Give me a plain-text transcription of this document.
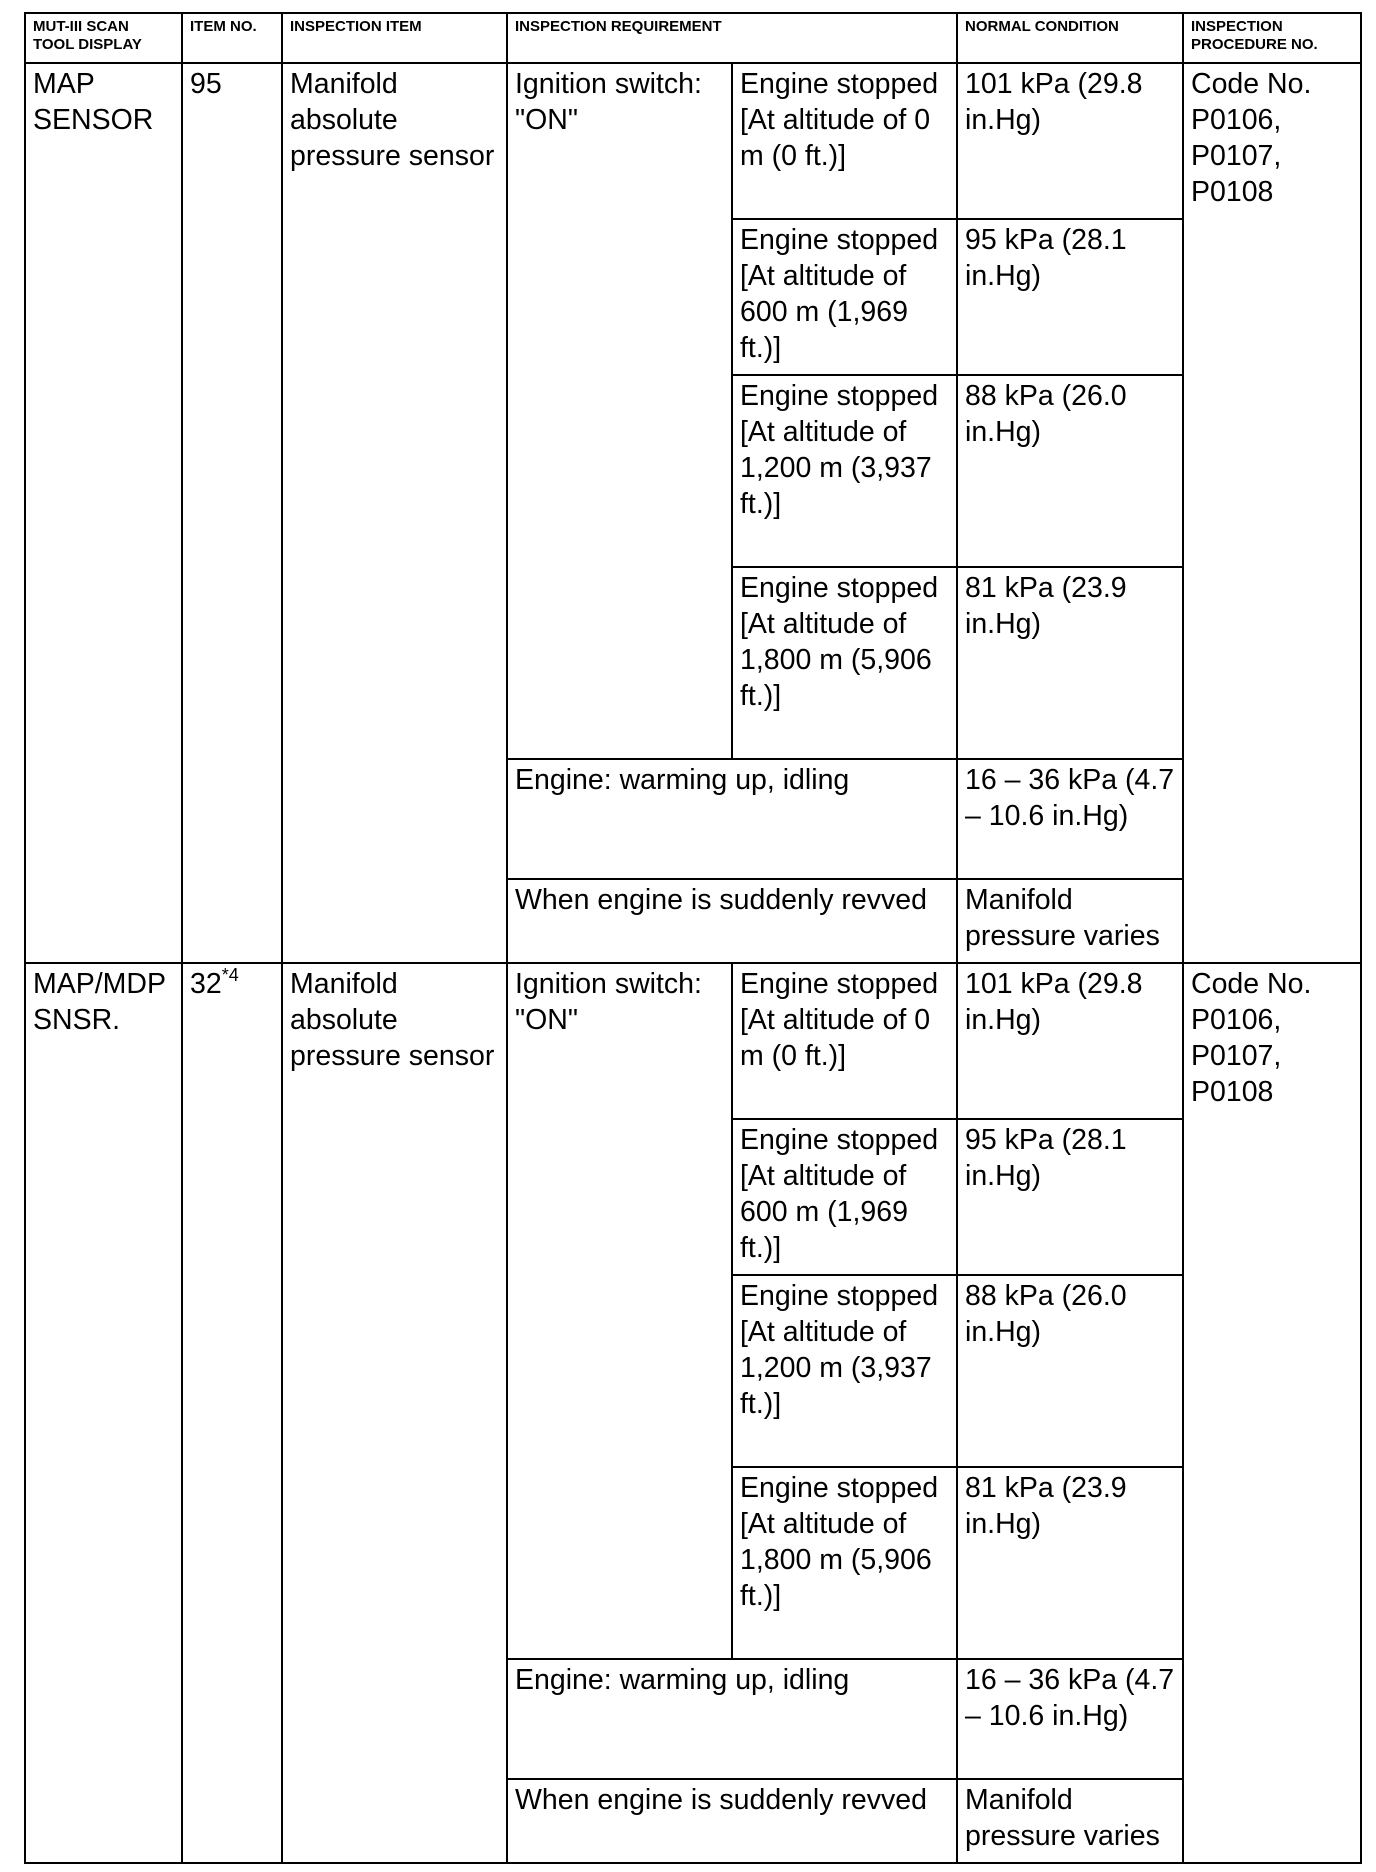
MUT-III SCAN TOOL DISPLAY	ITEM NO.	INSPECTION ITEM	INSPECTION REQUIREMENT		NORMAL CONDITION	INSPECTION PROCEDURE NO.
MAP SENSOR	95	Manifold absolute pressure sensor	Ignition switch: "ON"	Engine stopped [At altitude of 0 m (0 ft.)]	101 kPa (29.8 in.Hg)	Code No. P0106, P0107, P0108
				Engine stopped [At altitude of 600 m (1,969 ft.)]	95 kPa (28.1 in.Hg)	
				Engine stopped [At altitude of 1,200 m (3,937 ft.)]	88 kPa (26.0 in.Hg)	
				Engine stopped [At altitude of 1,800 m (5,906 ft.)]	81 kPa (23.9 in.Hg)	
			Engine: warming up, idling		16 – 36 kPa (4.7 – 10.6 in.Hg)	
			When engine is suddenly revved		Manifold pressure varies	
MAP/MDP SNSR.	32$^{*4}$	Manifold absolute pressure sensor	Ignition switch: "ON"	Engine stopped [At altitude of 0 m (0 ft.)]	101 kPa (29.8 in.Hg)	Code No. P0106, P0107, P0108
				Engine stopped [At altitude of 600 m (1,969 ft.)]	95 kPa (28.1 in.Hg)	
				Engine stopped [At altitude of 1,200 m (3,937 ft.)]	88 kPa (26.0 in.Hg)	
				Engine stopped [At altitude of 1,800 m (5,906 ft.)]	81 kPa (23.9 in.Hg)	
			Engine: warming up, idling		16 – 36 kPa (4.7 – 10.6 in.Hg)	
			When engine is suddenly revved		Manifold pressure varies	
